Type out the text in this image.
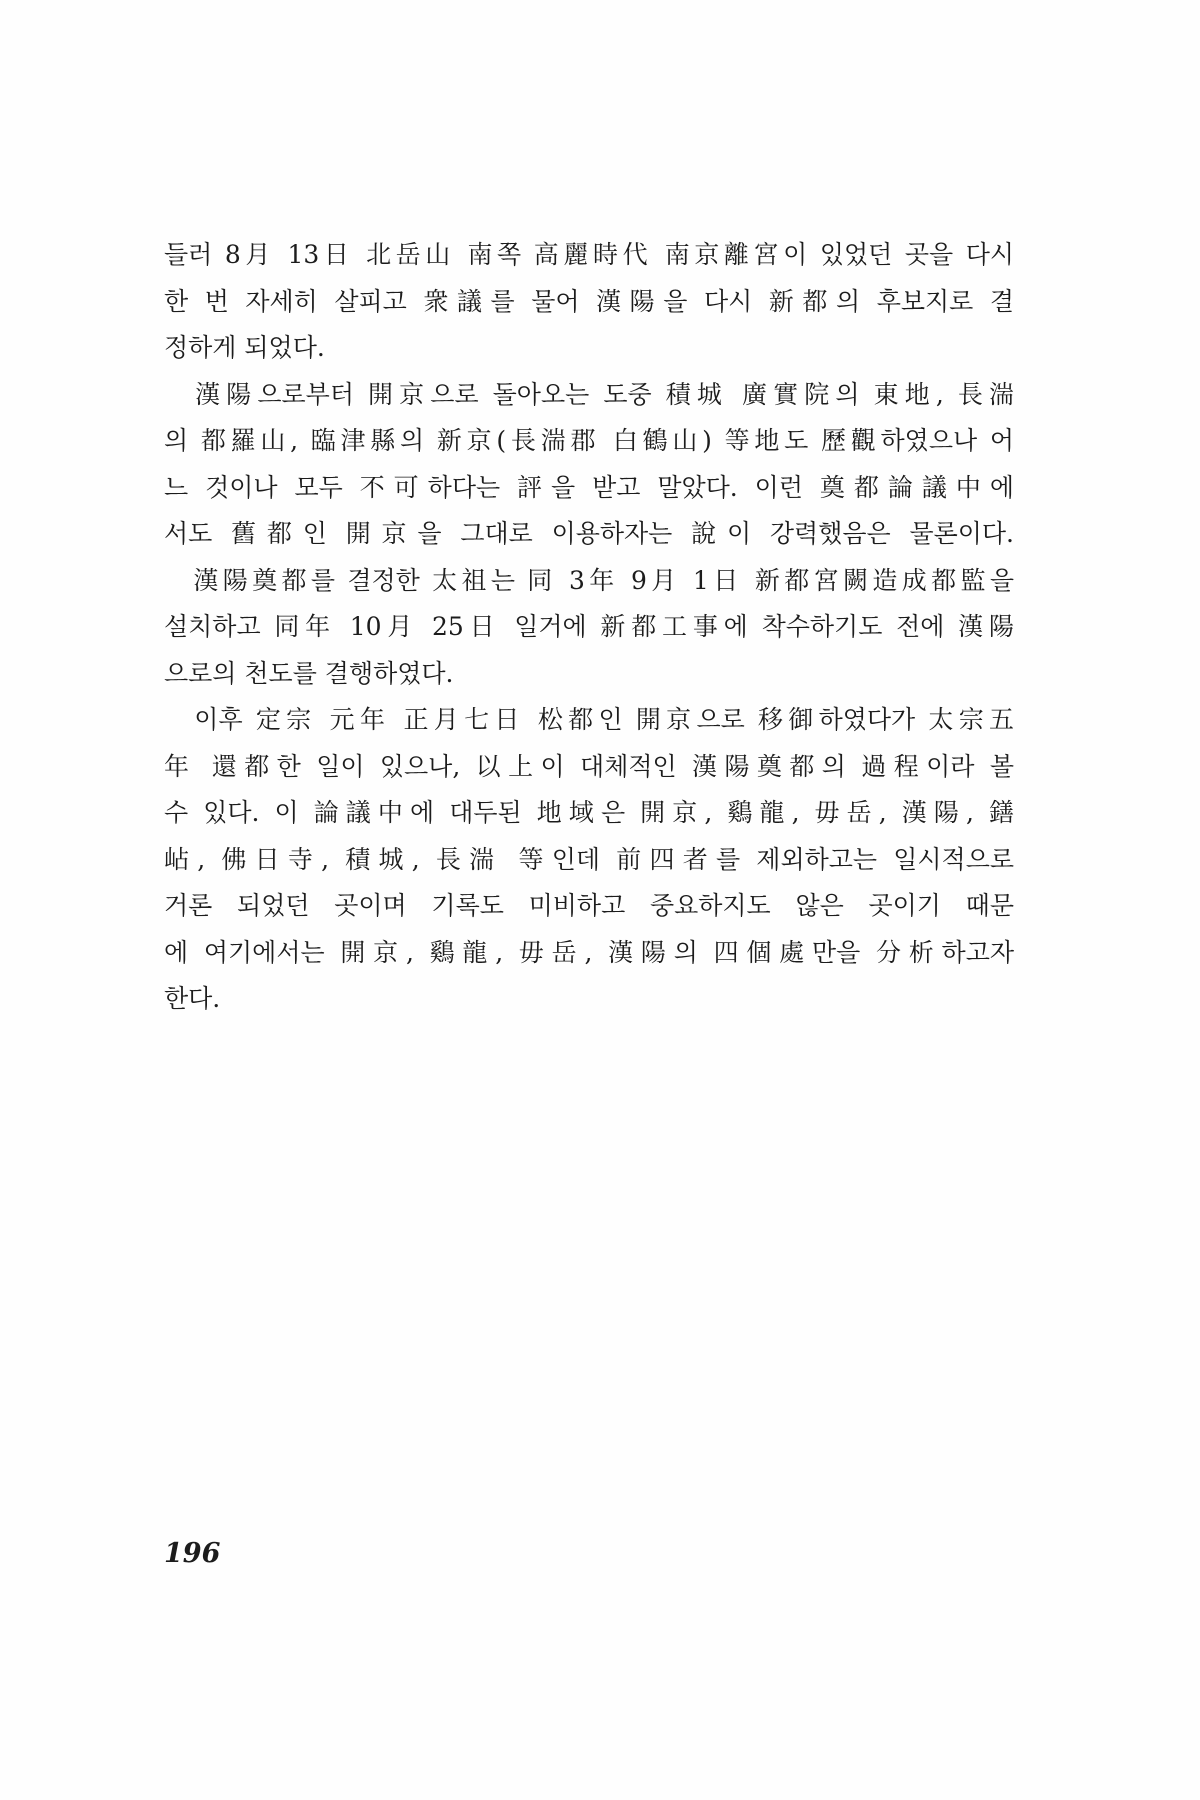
들러 8月 13日 北岳山 南쪽 高麗時代 南京離宮이 있었던 곳을 다시
한 번 자세히 살피고 衆議를 물어 漢陽을 다시 新都의 후보지로 결
정하게 되었다.
　漢陽으로부터 開京으로 돌아오는 도중 積城 廣實院의 東地, 長湍
의 都羅山, 臨津縣의 新京(長湍郡 白鶴山) 等地도 歷觀하였으나 어
느 것이나 모두 不可하다는 評을 받고 말았다. 이런 奠都論議中에
서도 舊都인 開京을 그대로 이용하자는 說이 강력했음은 물론이다.
　漢陽奠都를 결정한 太祖는 同 3年 9月 1日 新都宮闕造成都監을
설치하고 同年 10月 25日 일거에 新都工事에 착수하기도 전에 漢陽
으로의 천도를 결행하였다.
　이후 定宗 元年 正月七日 松都인 開京으로 移御하였다가 太宗五
年 還都한 일이 있으나, 以上이 대체적인 漢陽奠都의 過程이라 볼
수 있다. 이 論議中에 대두된 地域은 開京, 鷄龍, 毋岳, 漢陽, 鐥
岾, 佛日寺, 積城, 長湍 等인데 前四者를 제외하고는 일시적으로
거론 되었던 곳이며 기록도 미비하고 중요하지도 않은 곳이기 때문
에 여기에서는 開京, 鷄龍, 毋岳, 漢陽의 四個處만을 分析하고자
한다.
196
